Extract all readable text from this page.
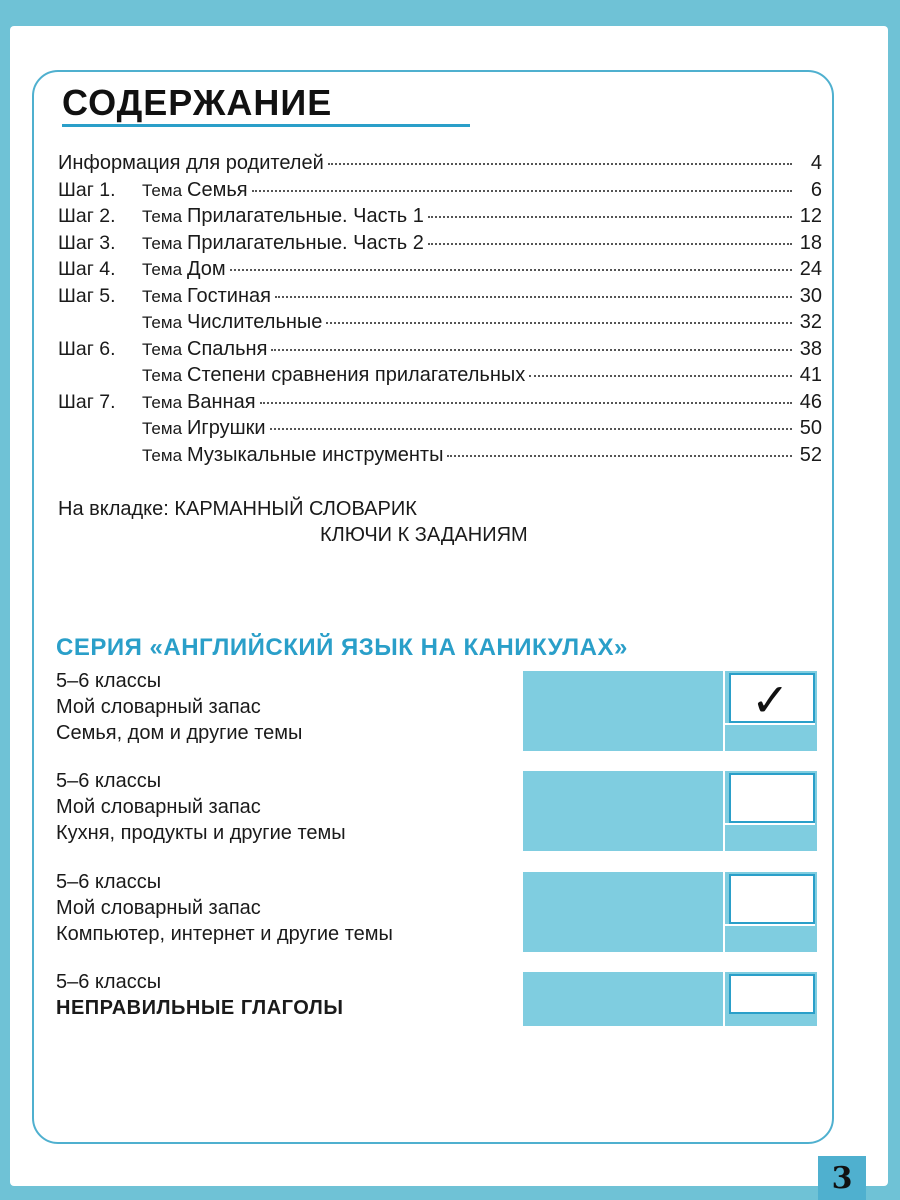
СОДЕРЖАНИЕ
Информация для родителей	4
Шаг 1.	Тема Семья	6
Шаг 2.	Тема Прилагательные. Часть 1	12
Шаг 3.	Тема Прилагательные. Часть 2	18
Шаг 4.	Тема Дом	24
Шаг 5.	Тема Гостиная	30
Тема Числительные	32
Шаг 6.	Тема Спальня	38
Тема Степени сравнения прилагательных	41
Шаг 7.	Тема Ванная	46
Тема Игрушки	50
Тема Музыкальные инструменты	52
На вкладке: КАРМАННЫЙ СЛОВАРИК
КЛЮЧИ К ЗАДАНИЯМ
СЕРИЯ «АНГЛИЙСКИЙ ЯЗЫК НА КАНИКУЛАХ»
✓
5–6 классы
Мой словарный запас
Семья, дом и другие темы
5–6 классы
Мой словарный запас
Кухня, продукты и другие темы
5–6 классы
Мой словарный запас
Компьютер, интернет и другие темы
5–6 классы
НЕПРАВИЛЬНЫЕ ГЛАГОЛЫ
3
